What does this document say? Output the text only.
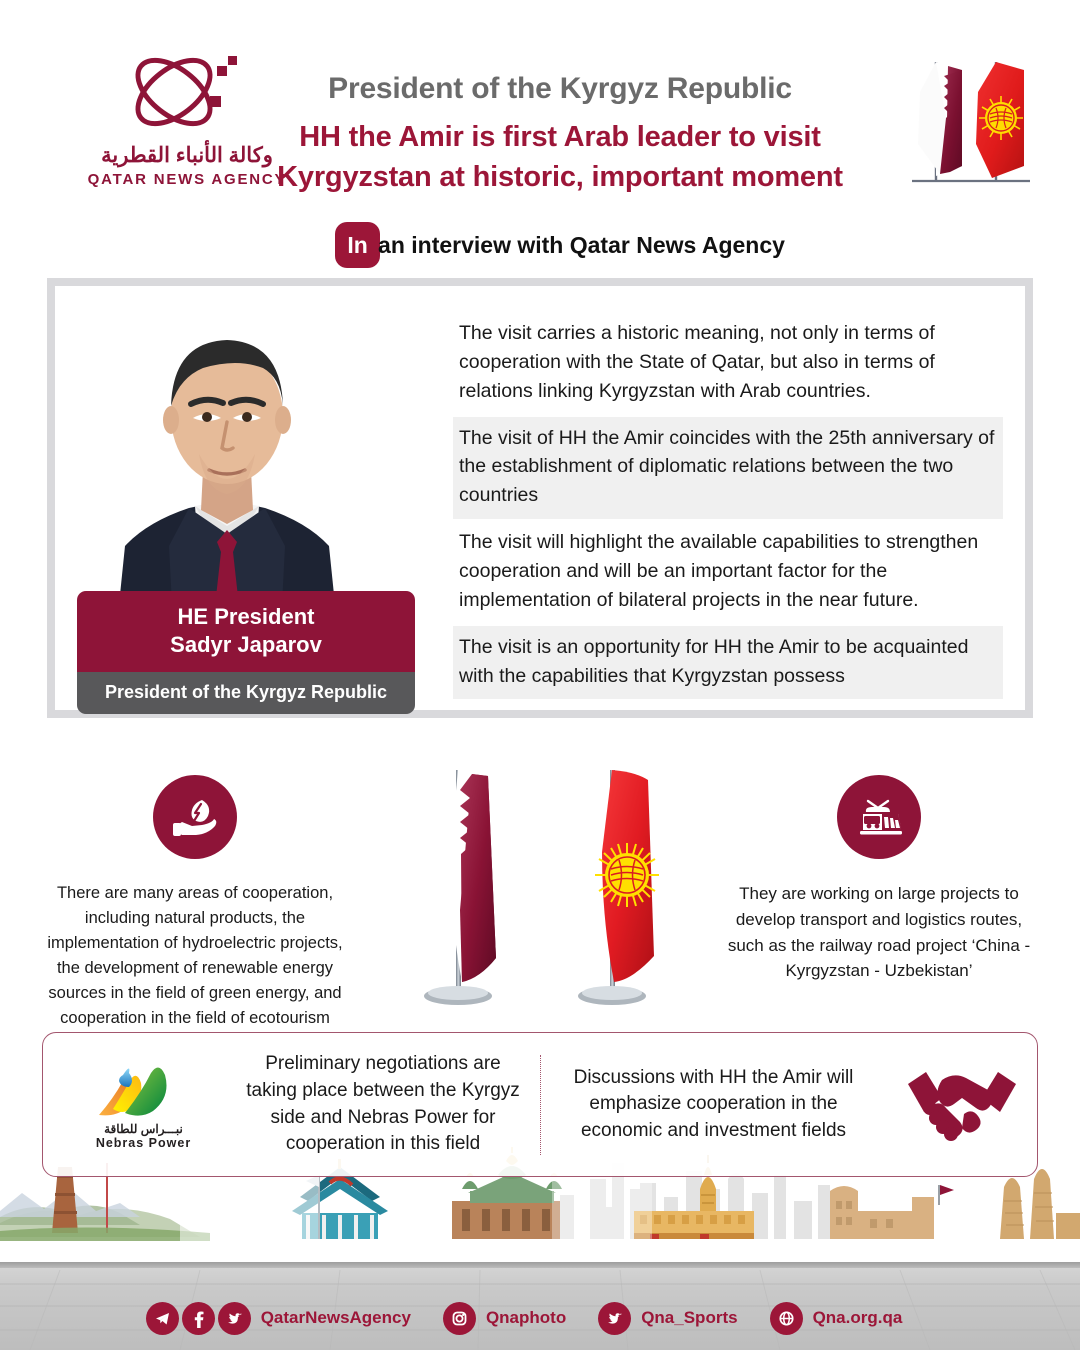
وكالة الأنباء القطرية
QATAR NEWS AGENCY
President of the Kyrgyz Republic
HH the Amir is first Arab leader to visit
Kyrgyzstan at historic, important moment
In an interview with Qatar News Agency
HE President
Sadyr Japarov
President of the Kyrgyz Republic
The visit carries a historic meaning, not only in terms of cooperation with the State of Qatar, but also in terms of relations linking Kyrgyzstan with Arab countries.
The visit of HH the Amir coincides with the 25th anniversary of the establishment of diplomatic relations between the two countries
The visit will highlight the available capabilities to strengthen cooperation and will be an important factor for the implementation of bilateral projects in the near future.
The visit is an opportunity for HH the Amir to be acquainted with the capabilities that Kyrgyzstan possess
There are many areas of cooperation, including natural products, the implementation of hydroelectric projects, the development of renewable energy sources in the field of green energy, and cooperation in the field of ecotourism
They are working on large projects to develop transport and logistics routes, such as the railway road project ‘China - Kyrgyzstan - Uzbekistan’
نبـــراس للطاقة
Nebras Power
Preliminary negotiations are taking place between the Kyrgyz side and Nebras Power for cooperation in this field
Discussions with HH the Amir will emphasize cooperation in the economic and investment fields
QatarNewsAgency	Qnaphoto	Qna_Sports	Qna.org.qa
